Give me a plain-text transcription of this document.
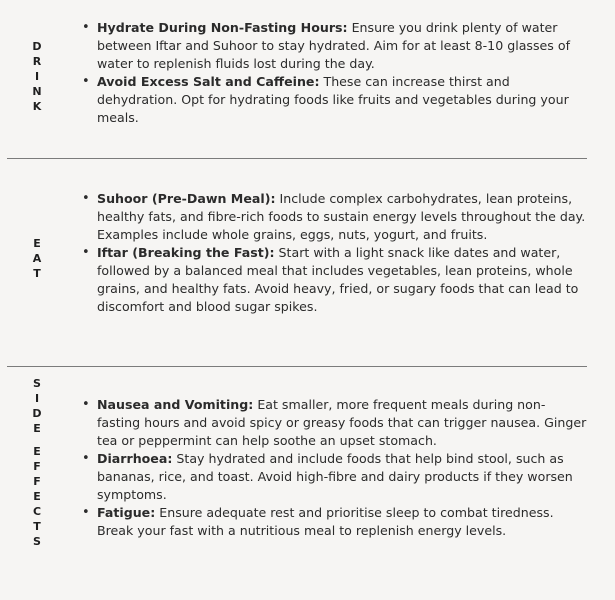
D
R
I
N
K
• Hydrate During Non-Fasting Hours: Ensure you drink plenty of water between Iftar and Suhoor to stay hydrated. Aim for at least 8-10 glasses of water to replenish fluids lost during the day.
• Avoid Excess Salt and Caffeine: These can increase thirst and dehydration. Opt for hydrating foods like fruits and vegetables during your meals.
E
A
T
• Suhoor (Pre-Dawn Meal): Include complex carbohydrates, lean proteins, healthy fats, and fibre-rich foods to sustain energy levels throughout the day. Examples include whole grains, eggs, nuts, yogurt, and fruits.
• Iftar (Breaking the Fast): Start with a light snack like dates and water, followed by a balanced meal that includes vegetables, lean proteins, whole grains, and healthy fats. Avoid heavy, fried, or sugary foods that can lead to discomfort and blood sugar spikes.
S
I
D
E
E
F
F
E
C
T
S
• Nausea and Vomiting: Eat smaller, more frequent meals during non-fasting hours and avoid spicy or greasy foods that can trigger nausea. Ginger tea or peppermint can help soothe an upset stomach.
• Diarrhoea: Stay hydrated and include foods that help bind stool, such as bananas, rice, and toast. Avoid high-fibre and dairy products if they worsen symptoms.
• Fatigue: Ensure adequate rest and prioritise sleep to combat tiredness. Break your fast with a nutritious meal to replenish energy levels.
